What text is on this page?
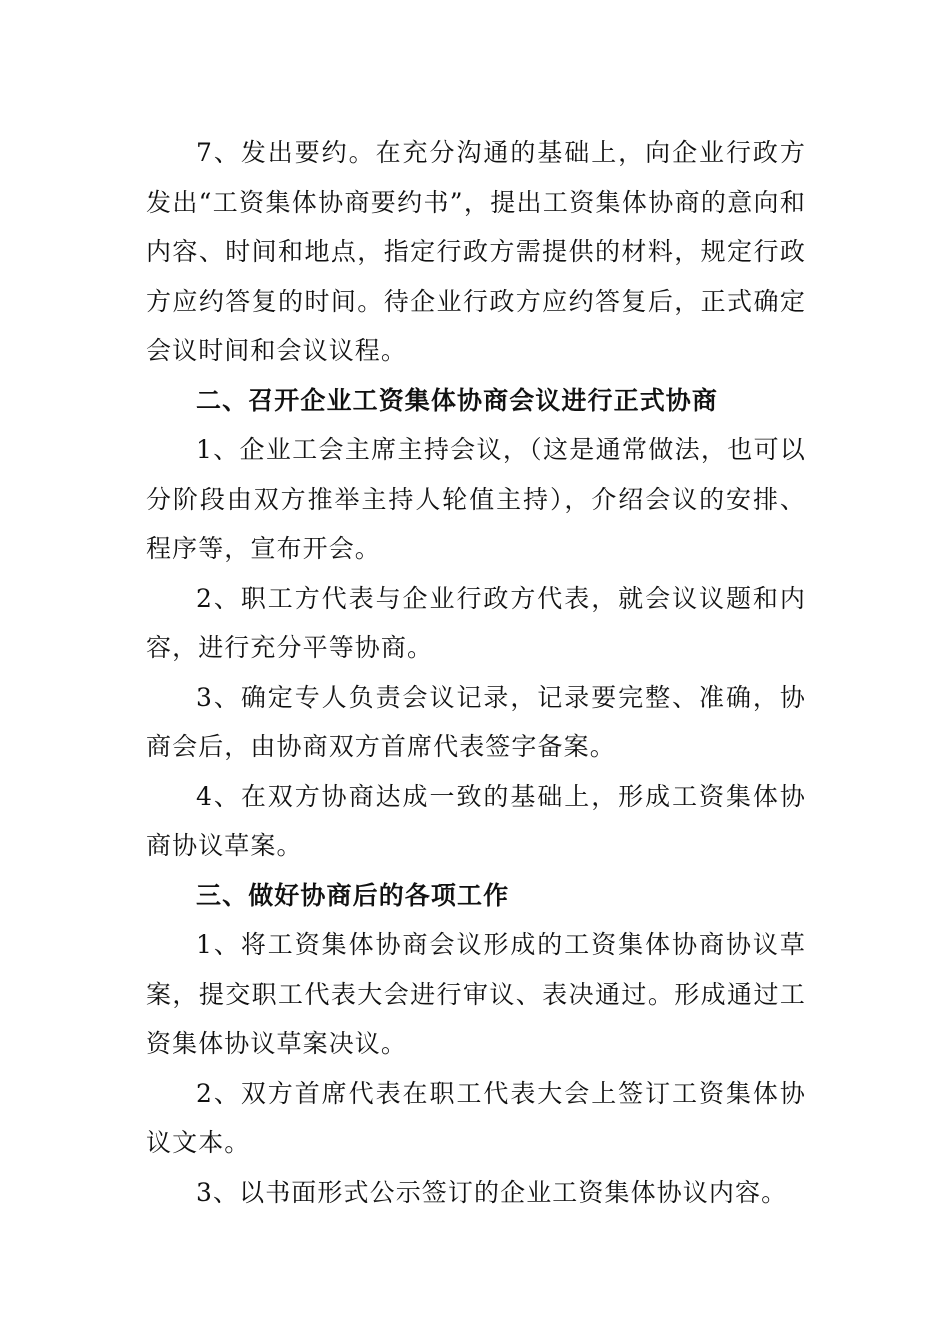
7、发出要约。在充分沟通的基础上，向企业行政方发出“工资集体协商要约书”，提出工资集体协商的意向和内容、时间和地点，指定行政方需提供的材料，规定行政方应约答复的时间。待企业行政方应约答复后，正式确定会议时间和会议议程。

二、召开企业工资集体协商会议进行正式协商

1、企业工会主席主持会议，（这是通常做法，也可以分阶段由双方推举主持人轮值主持），介绍会议的安排、程序等，宣布开会。

2、职工方代表与企业行政方代表，就会议议题和内容，进行充分平等协商。

3、确定专人负责会议记录，记录要完整、准确，协商会后，由协商双方首席代表签字备案。

4、在双方协商达成一致的基础上，形成工资集体协商协议草案。

三、做好协商后的各项工作

1、将工资集体协商会议形成的工资集体协商协议草案，提交职工代表大会进行审议、表决通过。形成通过工资集体协议草案决议。

2、双方首席代表在职工代表大会上签订工资集体协议文本。

3、以书面形式公示签订的企业工资集体协议内容。
